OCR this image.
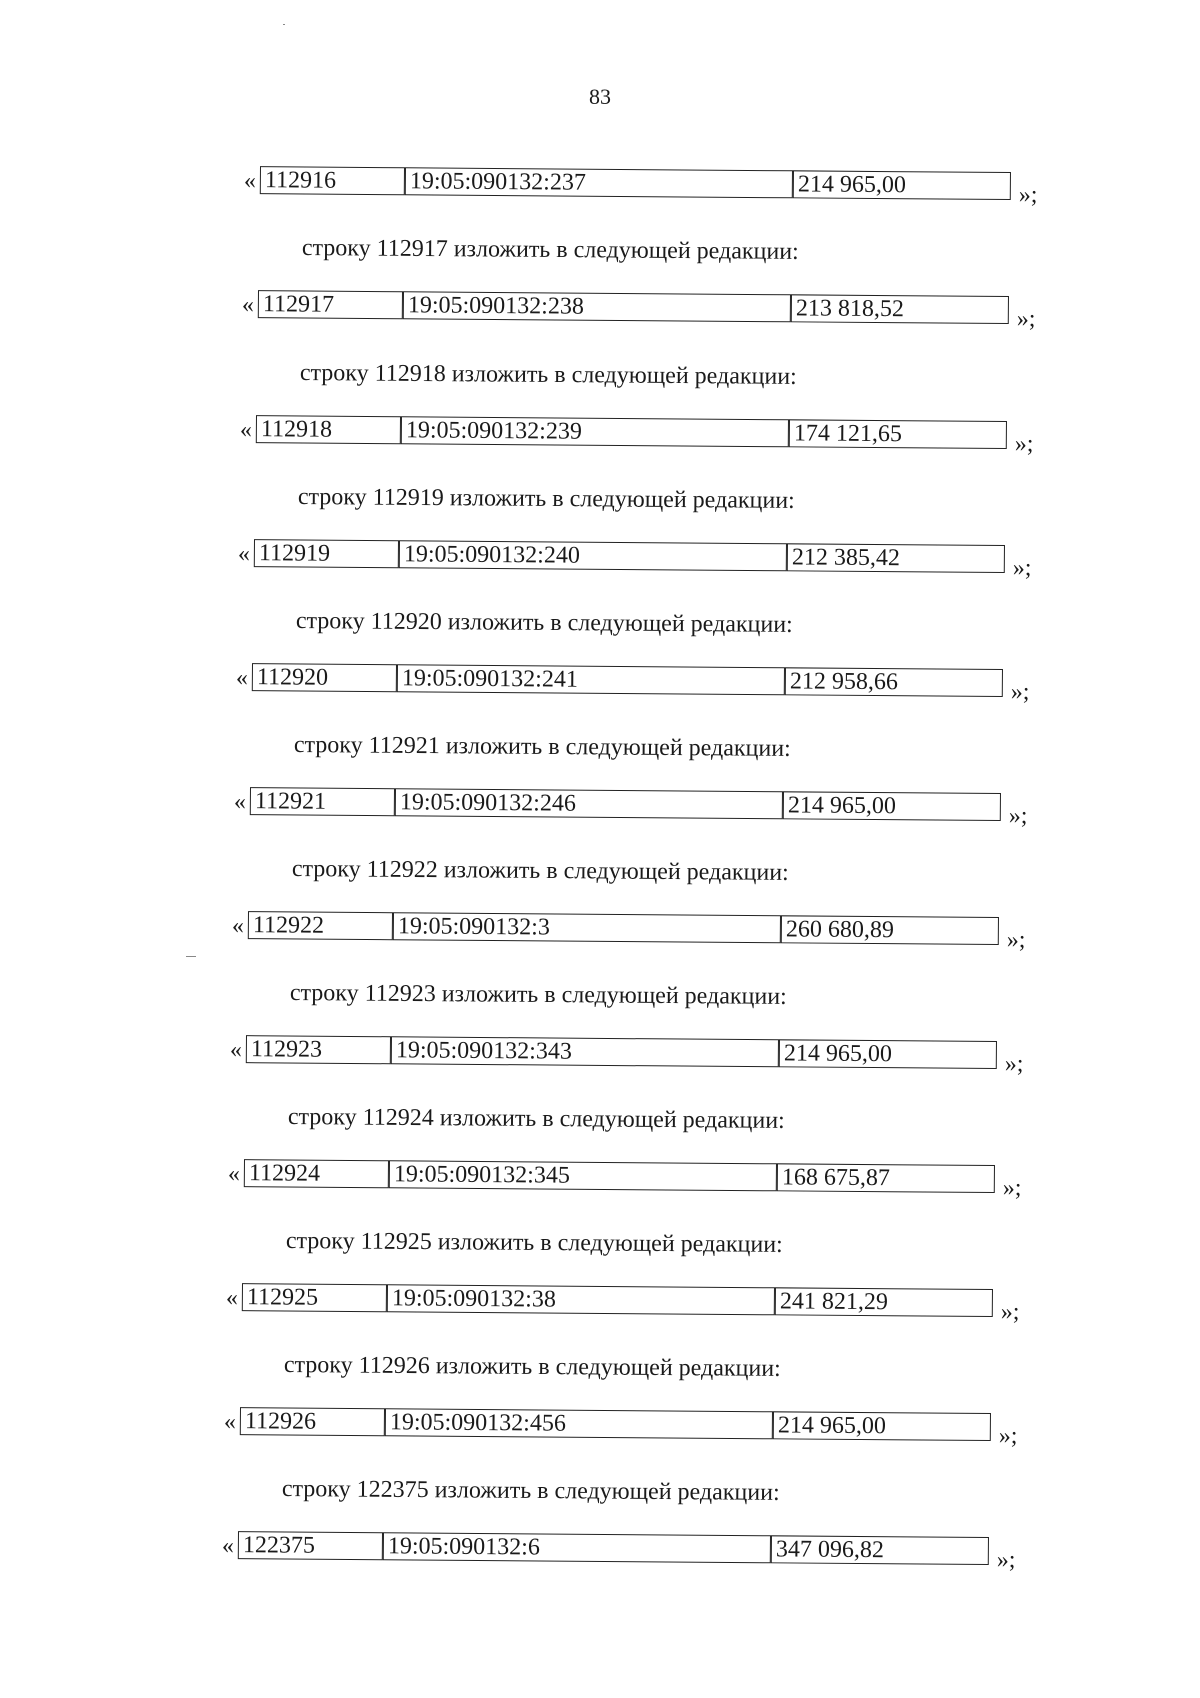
83
« 112916	19:05:090132:237	214 965,00	»;
строку 112917 изложить в следующей редакции:
« 112917	19:05:090132:238	213 818,52	»;
строку 112918 изложить в следующей редакции:
« 112918	19:05:090132:239	174 121,65	»;
строку 112919 изложить в следующей редакции:
« 112919	19:05:090132:240	212 385,42	»;
строку 112920 изложить в следующей редакции:
« 112920	19:05:090132:241	212 958,66	»;
строку 112921 изложить в следующей редакции:
« 112921	19:05:090132:246	214 965,00	»;
строку 112922 изложить в следующей редакции:
« 112922	19:05:090132:3	260 680,89	»;
строку 112923 изложить в следующей редакции:
« 112923	19:05:090132:343	214 965,00	»;
строку 112924 изложить в следующей редакции:
« 112924	19:05:090132:345	168 675,87	»;
строку 112925 изложить в следующей редакции:
« 112925	19:05:090132:38	241 821,29	»;
строку 112926 изложить в следующей редакции:
« 112926	19:05:090132:456	214 965,00	»;
строку 122375 изложить в следующей редакции:
« 122375	19:05:090132:6	347 096,82	»;
